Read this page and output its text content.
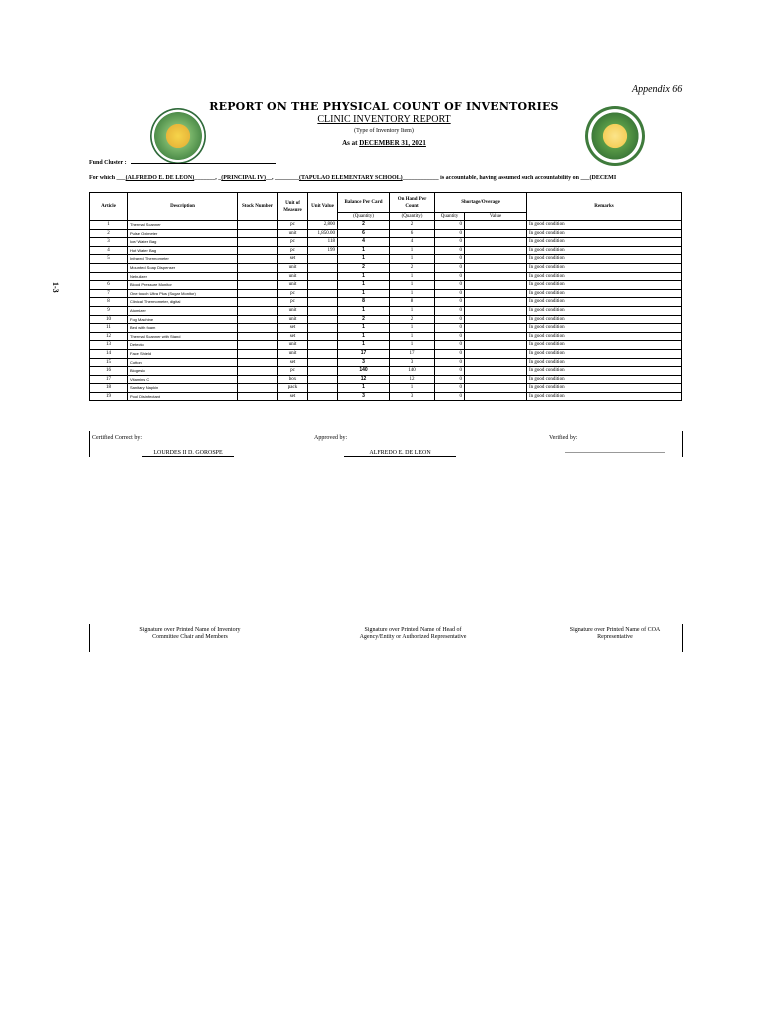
Appendix 66
REPORT ON THE PHYSICAL COUNT OF INVENTORIES
CLINIC INVENTORY REPORT
(Type of Inventory Item)
As at DECEMBER 31, 2021
Fund Cluster :
For which ___(ALFREDO E. DE LEON)_______, _(PRINCIPAL IV)__, ________(TAPULAO ELEMENTARY SCHOOL)____________ is accountable, having assumed such accountability on ___(DECEMI
1-3
Article	Description	Stock Number	Unit of Measure	Unit Value	Balance Per Card	On Hand Per Count	Shortage/Overage		Remarks
					(Quantity)	(Quantity)	Quantity	Value	
1	Thermal Scanner		pc	2,800	2	2	0		In good condition
2	Pulse Oximeter		unit	1,850.00	6	6	0		In good condition
3	Ice/ Water Bag		pc	118	4	4	0		In good condition
4	Hot Water Bag		pc	199	1	1	0		In good condition
5	Infrared Thermometer		set		1	1	0		In good condition
	Mounted Soap Dispenser		unit		2	2	0		In good condition
	Nebulizer		unit		1	1	0		In good condition
6	Blood Pressure Monitor		unit		1	1	0		In good condition
7	One touch Ultra Plus (Sugar Monitor)		pc		1	1	0		In good condition
8	Clinical Thermometer, digital		pc		8	8	0		In good condition
9	Atomizer		unit		1	1	0		In good condition
10	Fog Machine		unit		2	2	0		In good condition
11	Bed with foam		set		1	1	0		In good condition
12	Thermal Scanner with Stand		set		1	1	0		In good condition
13	Detecto		unit		1	1	0		In good condition
14	Face Shield		unit		17	17	0		In good condition
15	Cotton		set		3	3	0		In good condition
16	Biogesic		pc		140	140	0		In good condition
17	Vitamins C		box		12	12	0		In good condition
18	Sanitary Napkin		pack		1	1	0		In good condition
19	Pool Disinfectant		set		3	3	0		In good condition
Certified Correct by:	Approved by:	Verified by:
LOURDES II D. GOROSPE	ALFREDO E. DE LEON
Signature over Printed Name of Inventory Committee Chair and Members
Signature over Printed Name of Head of Agency/Entity or Authorized Representative
Signature over Printed Name of COA Representative
